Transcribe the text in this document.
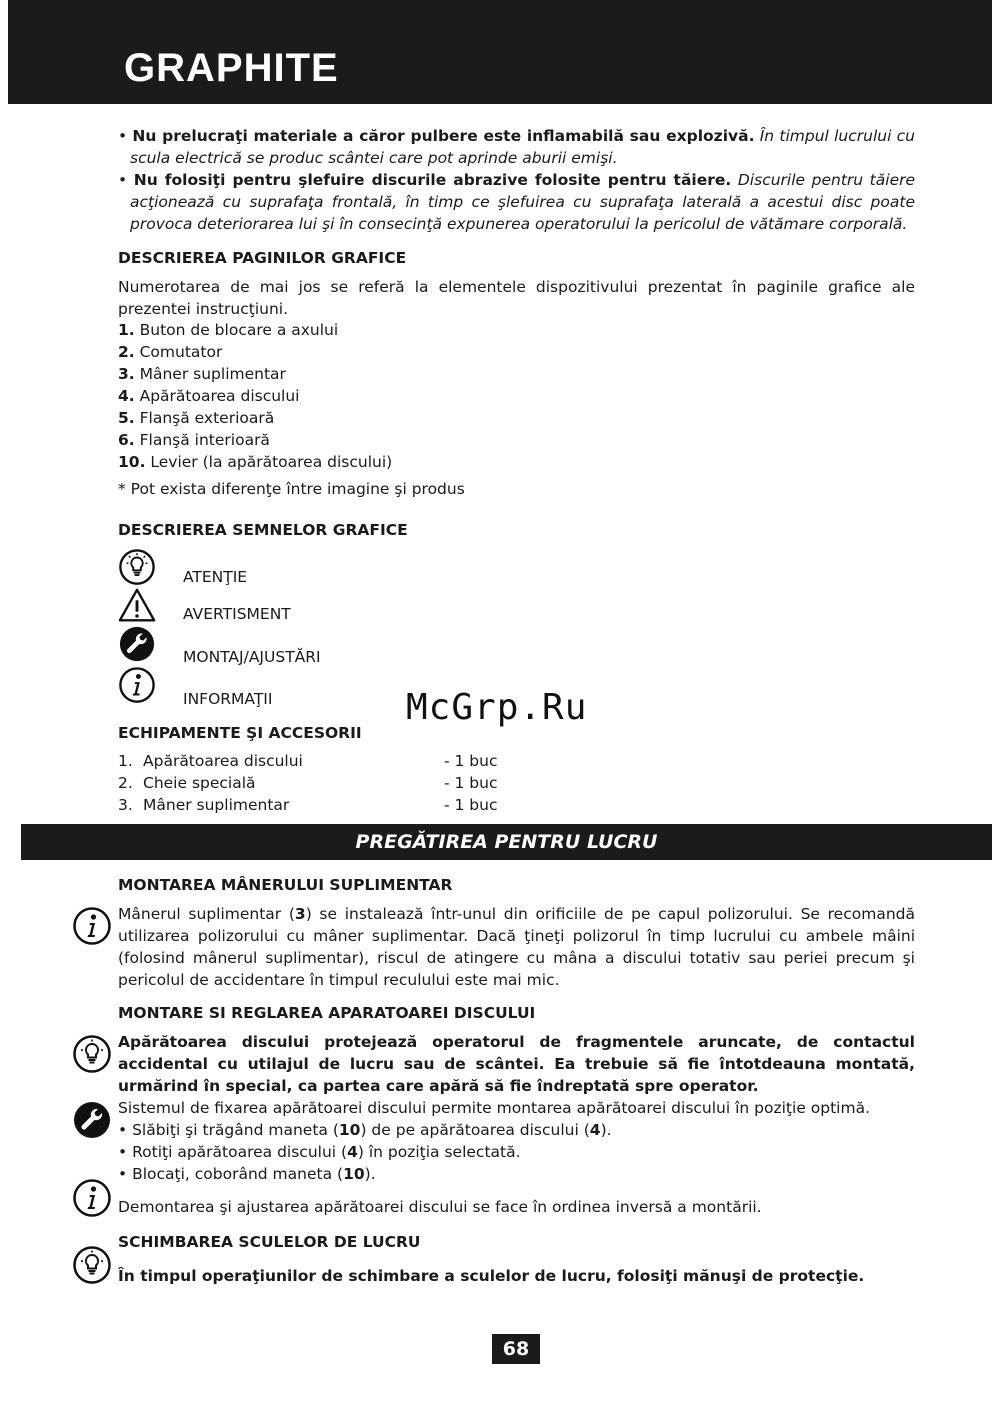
GRAPHITE
• Nu prelucraţi materiale a căror pulbere este inflamabilă sau explozivă. În timpul lucrului cu scula electrică se produc scântei care pot aprinde aburii emişi.
• Nu folosiţi pentru şlefuire discurile abrazive folosite pentru tăiere. Discurile pentru tăiere acţionează cu suprafaţa frontală, în timp ce şlefuirea cu suprafaţa laterală a acestui disc poate provoca deteriorarea lui şi în consecinţă expunerea operatorului la pericolul de vătămare corporală.
DESCRIEREA PAGINILOR GRAFICE
Numerotarea de mai jos se referă la elementele dispozitivului prezentat în paginile grafice ale prezentei instrucţiuni.
1. Buton de blocare a axului
2. Comutator
3. Mâner suplimentar
4. Apărătoarea discului
5. Flanşă exterioară
6. Flanşă interioară
10. Levier (la apărătoarea discului)
* Pot exista diferenţe între imagine şi produs
DESCRIEREA SEMNELOR GRAFICE
ATENŢIE
AVERTISMENT
MONTAJ/AJUSTĂRI
INFORMAŢII	McGrp.Ru
ECHIPAMENTE ŞI ACCESORII
1. Apărătoarea discului	- 1 buc
2. Cheie specială	- 1 buc
3. Mâner suplimentar	- 1 buc
PREGĂTIREA PENTRU LUCRU
MONTAREA MÂNERULUI SUPLIMENTAR
Mânerul suplimentar (3) se instalează într-unul din orificiile de pe capul polizorului. Se recomandă utilizarea polizorului cu mâner suplimentar. Dacă ţineţi polizorul în timp lucrului cu ambele mâini (folosind mânerul suplimentar), riscul de atingere cu mâna a discului totativ sau periei precum şi pericolul de accidentare în timpul reculului este mai mic.
MONTARE SI REGLAREA APARATOAREI DISCULUI
Apărătoarea discului protejează operatorul de fragmentele aruncate, de contactul accidental cu utilajul de lucru sau de scântei. Ea trebuie să fie întotdeauna montată, urmărind în special, ca partea care apără să fie îndreptată spre operator.
Sistemul de fixarea apărătoarei discului permite montarea apărătoarei discului în poziţie optimă.
• Slăbiţi şi trăgând maneta (10) de pe apărătoarea discului (4).
• Rotiţi apărătoarea discului (4) în poziţia selectată.
• Blocaţi, coborând maneta (10).
Demontarea şi ajustarea apărătoarei discului se face în ordinea inversă a montării.
SCHIMBAREA SCULELOR DE LUCRU
În timpul operaţiunilor de schimbare a sculelor de lucru, folosiţi mănuşi de protecţie.
68
